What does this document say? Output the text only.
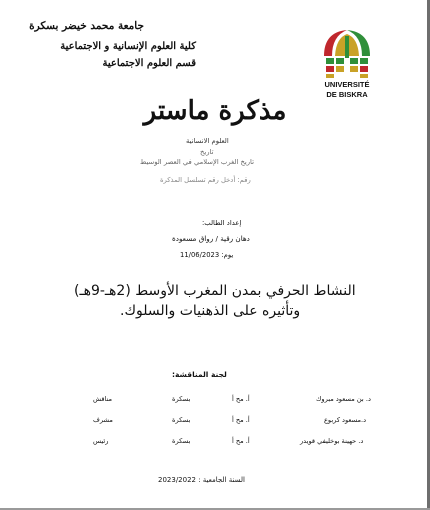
جامعة محمد خيضر بسكرة
كلية العلوم الإنسانية و الاجتماعية
قسم العلوم الاجتماعية
UNIVERSITÉ
DE BISKRA
مذكرة ماستر
العلوم الانسانية
تاريخ
تاريخ الغرب الإسلامي في العصر الوسيط
رقم: أدخل رقم تسلسل المذكرة
إعداد الطالب:
دهان رقية / رواق مسعودة
يوم: 11/06/2023
النشاط الحرفي بمدن المغرب الأوسط (2هـ-9هـ)
وتأثيره على الذهنيات والسلوك.
لجنة المناقشة:
د. بن مسعود مبروك
أ. مح أ
بسكرة
مناقش
د.مسعود كربوع
أ. مح أ
بسكرة
مشرف
د. حهينة بوخليفي قويدر
أ. مح أ
بسكرة
رئيس
السنة الجامعية : 2023/2022
